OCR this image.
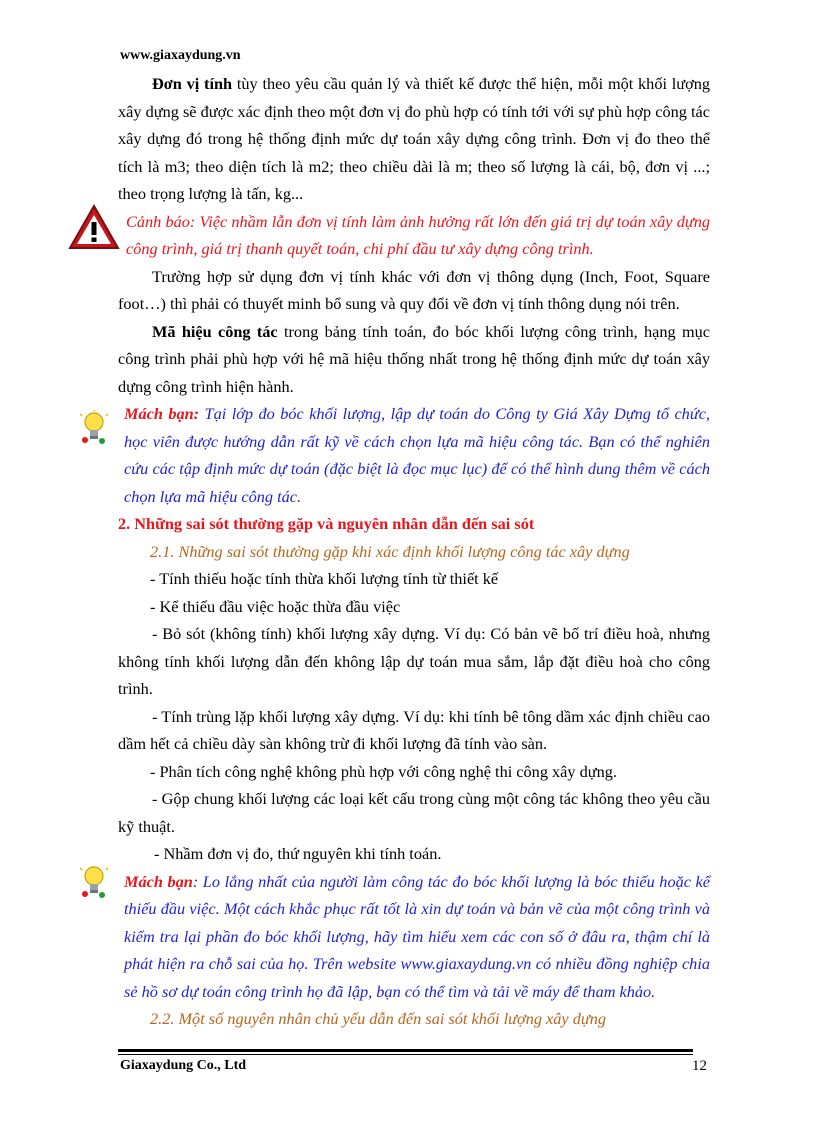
www.giaxaydung.vn

Đơn vị tính tùy theo yêu cầu quản lý và thiết kế được thể hiện, mỗi một khối lượng xây dựng sẽ được xác định theo một đơn vị đo phù hợp có tính tới với sự phù hợp công tác xây dựng đó trong hệ thống định mức dự toán xây dựng công trình. Đơn vị đo theo thể tích là m3; theo diện tích là m2; theo chiều dài là m; theo số lượng là cái, bộ, đơn vị ...; theo trọng lượng là tấn, kg...

Cảnh báo: Việc nhầm lẫn đơn vị tính làm ảnh hưởng rất lớn đến giá trị dự toán xây dựng công trình, giá trị thanh quyết toán, chi phí đầu tư xây dựng công trình.

Trường hợp sử dụng đơn vị tính khác với đơn vị thông dụng (Inch, Foot, Square foot…) thì phải có thuyết minh bổ sung và quy đổi về đơn vị tính thông dụng nói trên.

Mã hiệu công tác trong bảng tính toán, đo bóc khối lượng công trình, hạng mục công trình phải phù hợp với hệ mã hiệu thống nhất trong hệ thống định mức dự toán xây dựng công trình hiện hành.

Mách bạn: Tại lớp đo bóc khối lượng, lập dự toán do Công ty Giá Xây Dựng tổ chức, học viên được hướng dẫn rất kỹ về cách chọn lựa mã hiệu công tác. Bạn có thể nghiên cứu các tập định mức dự toán (đặc biệt là đọc mục lục) để có thể hình dung thêm về cách chọn lựa mã hiệu công tác.

2. Những sai sót thường gặp và nguyên nhân dẫn đến sai sót

2.1. Những sai sót thường gặp khi xác định khối lượng công tác xây dựng

- Tính thiếu hoặc tính thừa khối lượng tính từ thiết kế

- Kể thiếu đầu việc hoặc thừa đầu việc

- Bỏ sót (không tính) khối lượng xây dựng. Ví dụ: Có bản vẽ bố trí điều hoà, nhưng không tính khối lượng dẫn đến không lập dự toán mua sắm, lắp đặt điều hoà cho công trình.

- Tính trùng lặp khối lượng xây dựng. Ví dụ: khi tính bê tông dầm xác định chiều cao dầm hết cả chiều dày sàn không trừ đi khối lượng đã tính vào sàn.

- Phân tích công nghệ không phù hợp với công nghệ thi công xây dựng.

- Gộp chung khối lượng các loại kết cấu trong cùng một công tác không theo yêu cầu kỹ thuật.

- Nhầm đơn vị đo, thứ nguyên khi tính toán.

Mách bạn: Lo lắng nhất của người làm công tác đo bóc khối lượng là bóc thiếu hoặc kể thiếu đầu việc. Một cách khắc phục rất tốt là xin dự toán và bản vẽ của một công trình và kiểm tra lại phần đo bóc khối lượng, hãy tìm hiểu xem các con số ở đâu ra, thậm chí là phát hiện ra chỗ sai của họ. Trên website www.giaxaydung.vn có nhiều đồng nghiệp chia sẻ hồ sơ dự toán công trình họ đã lập, bạn có thể tìm và tải về máy để tham khảo.

2.2. Một số nguyên nhân chủ yếu dẫn đến sai sót khối lượng xây dựng

Giaxaydung Co., Ltd	12
